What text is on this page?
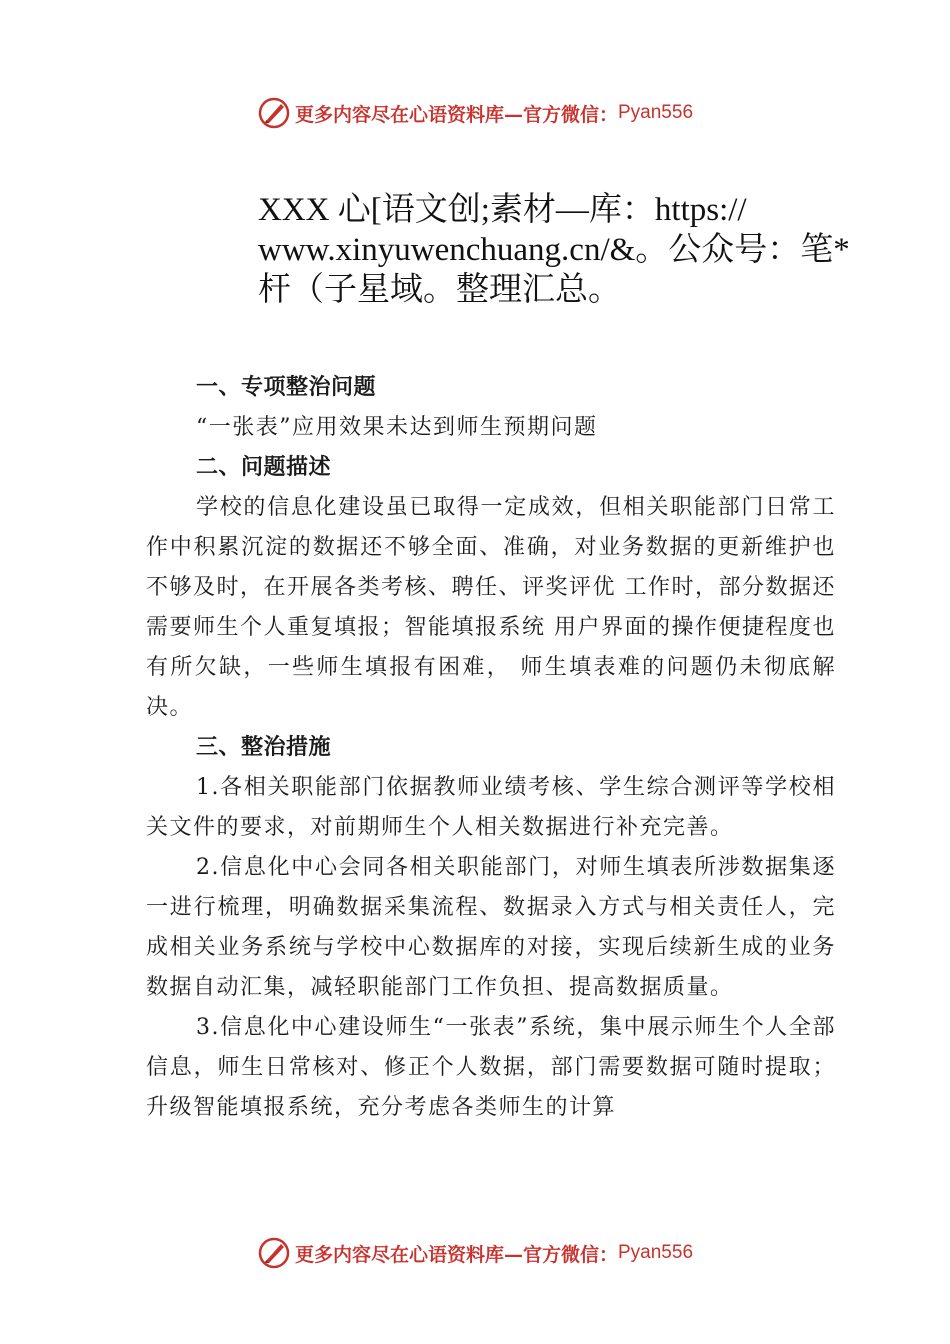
更多内容尽在心语资料库—官方微信： Pyan556
XXX 心[语文创;素材—库：https:// www.xinyuwenchuang.cn/&。公众号：笔*杆（子星域。整理汇总。

一、专项整治问题

“一张表”应用效果未达到师生预期问题

二、问题描述

学校的信息化建设虽已取得一定成效，但相关职能部门日常工作中积累沉淀的数据还不够全面、准确，对业务数据的更新维护也不够及时，在开展各类考核、聘任、评奖评优 工作时，部分数据还需要师生个人重复填报；智能填报系统 用户界面的操作便捷程度也有所欠缺，一些师生填报有困难， 师生填表难的问题仍未彻底解决。

三、整治措施

1.各相关职能部门依据教师业绩考核、学生综合测评等学校相关文件的要求，对前期师生个人相关数据进行补充完善。

2.信息化中心会同各相关职能部门，对师生填表所涉数据集逐一进行梳理，明确数据采集流程、数据录入方式与相关责任人，完成相关业务系统与学校中心数据库的对接，实现后续新生成的业务数据自动汇集，减轻职能部门工作负担、提高数据质量。

3.信息化中心建设师生“一张表”系统，集中展示师生个人全部信息，师生日常核对、修正个人数据，部门需要数据可随时提取；升级智能填报系统，充分考虑各类师生的计算

更多内容尽在心语资料库—官方微信： Pyan556
